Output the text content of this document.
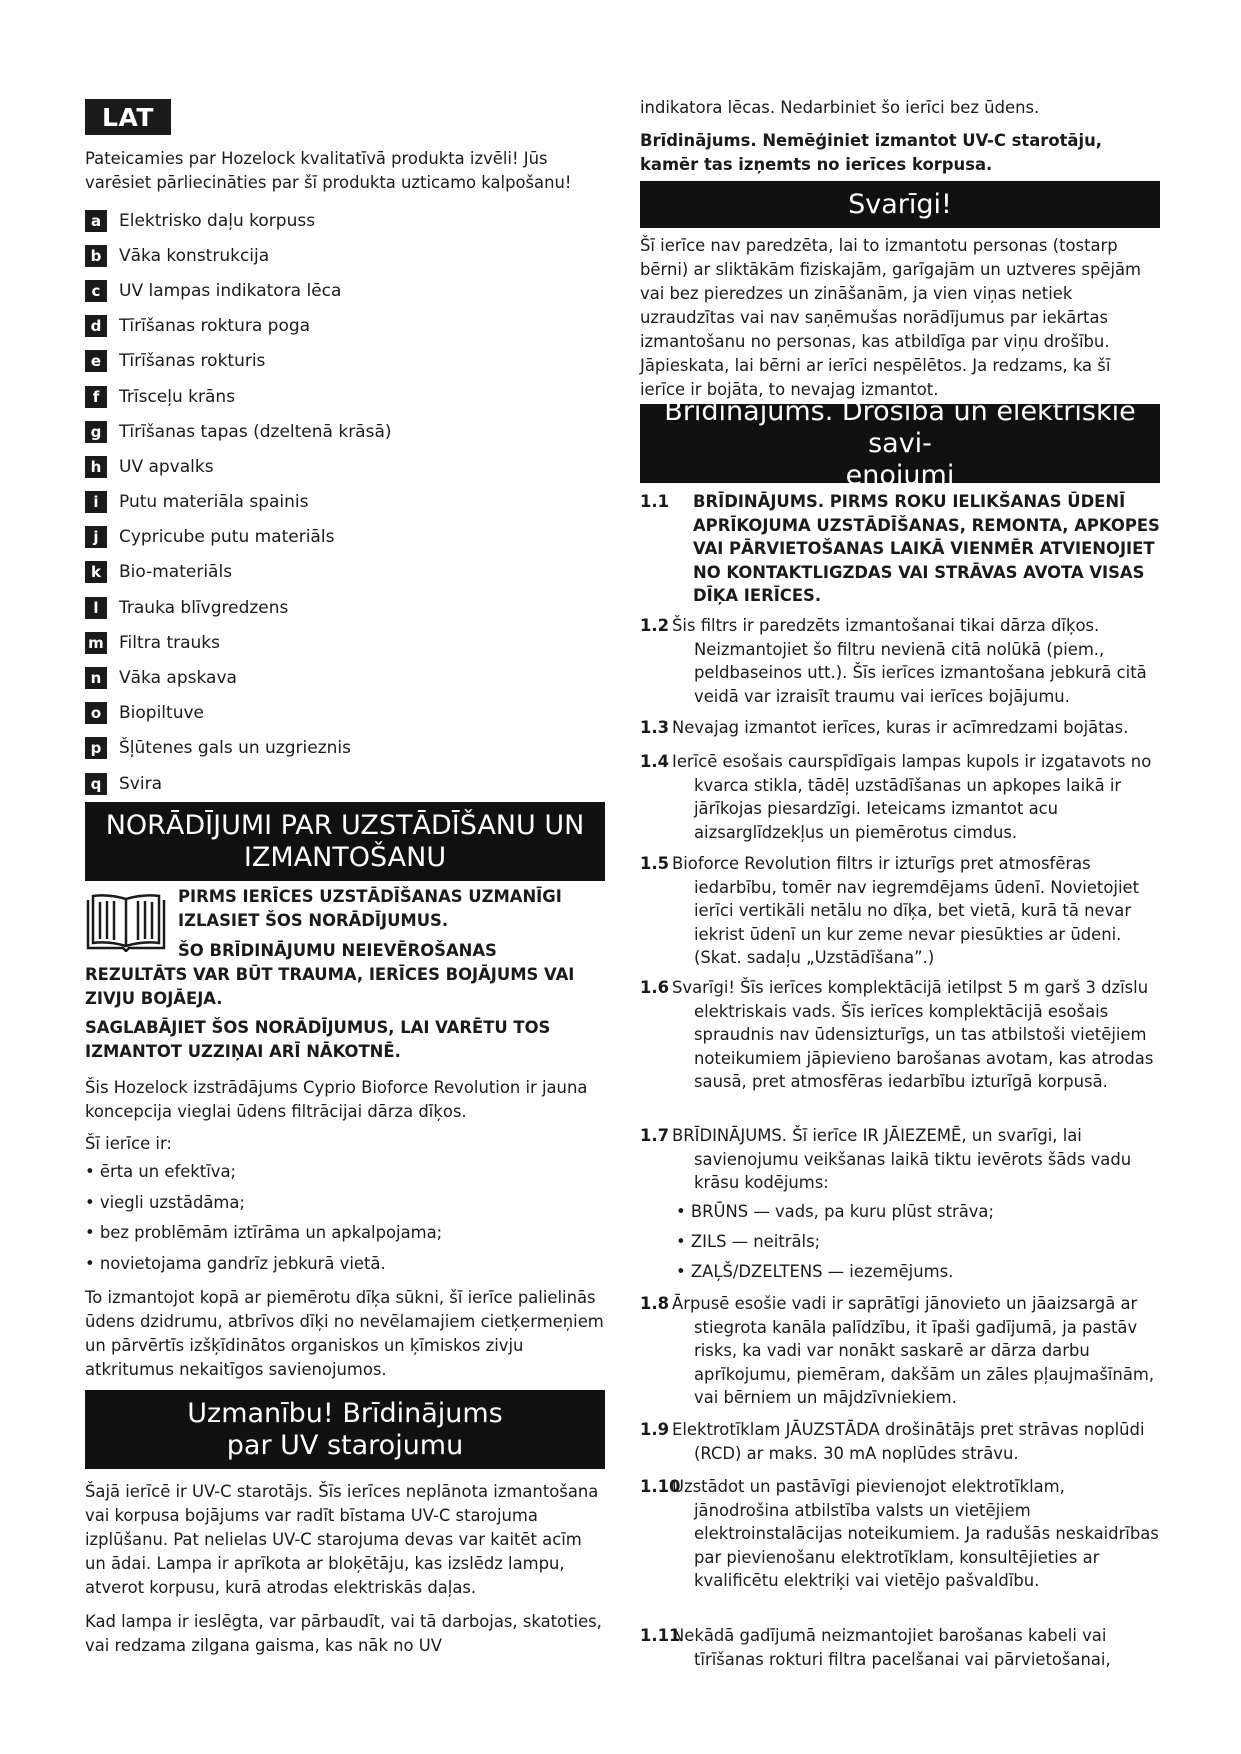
LAT

Pateicamies par Hozelock kvalitatīvā produkta izvēli! Jūs varēsiet pārliecināties par šī produkta uzticamo kalpošanu!

a	Elektrisko daļu korpuss
b	Vāka konstrukcija
c	UV lampas indikatora lēca
d	Tīrīšanas roktura poga
e	Tīrīšanas rokturis
f	Trīsceļu krāns
g	Tīrīšanas tapas (dzeltenā krāsā)
h	UV apvalks
i	Putu materiāla spainis
j	Cypricube putu materiāls
k	Bio-materiāls
l	Trauka blīvgredzens
m Filtra trauks
n	Vāka apskava
o	Biopiltuve
p	Šļūtenes gals un uzgrieznis
q	Svira
NORĀDĪJUMI PAR UZSTĀDĪŠANU UN
IZMANTOŠANU
PIRMS IERĪCES UZSTĀDĪŠANAS UZMANĪGI
IZLASIET ŠOS NORĀDĪJUMUS.
ŠO BRĪDINĀJUMU NEIEVĒROŠANAS
REZULTĀTS VAR BŪT TRAUMA, IERĪCES BOJĀJUMS VAI ZIVJU BOJĀEJA.

SAGLABĀJIET ŠOS NORĀDĪJUMUS, LAI VARĒTU TOS IZMANTOT UZZIŅAI ARĪ NĀKOTNĒ.

Šis Hozelock izstrādājums Cyprio Bioforce Revolution ir jauna koncepcija vieglai ūdens filtrācijai dārza dīķos.

Šī ierīce ir:

• ērta un efektīva;
• viegli uzstādāma;
• bez problēmām iztīrāma un apkalpojama;
• novietojama gandrīz jebkurā vietā.

To izmantojot kopā ar piemērotu dīķa sūkni, šī ierīce palielinās ūdens dzidrumu, atbrīvos dīķi no nevēlamajiem cietķermeņiem un pārvērtīs izšķīdinātos organiskos un ķīmiskos zivju atkritumus nekaitīgos savienojumos.

Uzmanību! Brīdinājums
par UV starojumu

Šajā ierīcē ir UV-C starotājs. Šīs ierīces neplānota izmantošana vai korpusa bojājums var radīt bīstama UV-C starojuma izplūšanu. Pat nelielas UV-C starojuma devas var kaitēt acīm un ādai. Lampa ir aprīkota ar bloķētāju, kas izslēdz lampu, atverot korpusu, kurā atrodas elektriskās daļas.

Kad lampa ir ieslēgta, var pārbaudīt, vai tā darbojas, skatoties, vai redzama zilgana gaisma, kas nāk no UV

indikatora lēcas. Nedarbiniet šo ierīci bez ūdens.

Brīdinājums. Nemēģiniet izmantot UV-C starotāju, kamēr tas izņemts no ierīces korpusa.

Svarīgi!

Šī ierīce nav paredzēta, lai to izmantotu personas (tostarp bērni) ar sliktākām fiziskajām, garīgajām un uztveres spējām vai bez pieredzes un zināšanām, ja vien viņas netiek uzraudzītas vai nav saņēmušas norādījumus par iekārtas izmantošanu no personas, kas atbildīga par viņu drošību. Jāpieskata, lai bērni ar ierīci nespēlētos. Ja redzams, ka šī ierīce ir bojāta, to nevajag izmantot.

Brīdinājums. Drošība un elektriskie savi-
enojumi
1.1	BRĪDINĀJUMS. PIRMS ROKU IELIKŠANAS ŪDENĪ APRĪKOJUMA UZSTĀDĪŠANAS, REMONTA, APKOPES VAI PĀRVIETOŠANAS LAIKĀ VIENMĒR ATVIENOJIET NO KONTAKTLIGZDAS VAI STRĀVAS AVOTA VISAS DĪĶA IERĪCES.
1.2 Šis filtrs ir paredzēts izmantošanai tikai dārza dīķos. Neizmantojiet šo filtru nevienā citā nolūkā (piem., peldbaseinos utt.). Šīs ierīces izmantošana jebkurā citā veidā var izraisīt traumu vai ierīces bojājumu.
1.3 Nevajag izmantot ierīces, kuras ir acīmredzami bojātas.
1.4 Ierīcē esošais caurspīdīgais lampas kupols ir izgatavots no kvarca stikla, tādēļ uzstādīšanas un apkopes laikā ir jārīkojas piesardzīgi. Ieteicams izmantot acu aizsarglīdzekļus un piemērotus cimdus.
1.5 Bioforce Revolution filtrs ir izturīgs pret atmosfēras iedarbību, tomēr nav iegremdējams ūdenī. Novietojiet ierīci vertikāli netālu no dīķa, bet vietā, kurā tā nevar iekrist ūdenī un kur zeme nevar piesūkties ar ūdeni. (Skat. sadaļu „Uzstādīšana”.)
1.6 Svarīgi! Šīs ierīces komplektācijā ietilpst 5 m garš 3 dzīslu elektriskais vads. Šīs ierīces komplektācijā esošais spraudnis nav ūdensizturīgs, un tas atbilstoši vietējiem noteikumiem jāpievieno barošanas avotam, kas atrodas sausā, pret atmosfēras iedarbību izturīgā korpusā.
1.7 BRĪDINĀJUMS. Šī ierīce IR JĀIEZEMĒ, un svarīgi, lai savienojumu veikšanas laikā tiktu ievērots šāds vadu krāsu kodējums:
• BRŪNS — vads, pa kuru plūst strāva;
• ZILS — neitrāls;
• ZAĻŠ/DZELTENS — iezemējums.
1.8 Ārpusē esošie vadi ir saprātīgi jānovieto un jāaizsargā ar stiegrota kanāla palīdzību, it īpaši gadījumā, ja pastāv risks, ka vadi var nonākt saskarē ar dārza darbu aprīkojumu, piemēram, dakšām un zāles pļaujmašīnām, vai bērniem un mājdzīvniekiem.
1.9 Elektrotīklam JĀUZSTĀDA drošinātājs pret strāvas noplūdi (RCD) ar maks. 30 mA noplūdes strāvu.
1.10
Uzstādot un pastāvīgi pievienojot elektrotīklam, jānodrošina atbilstība valsts un vietējiem elektroinstalācijas noteikumiem. Ja radušās neskaidrības par pievienošanu elektrotīklam, konsultējieties ar kvalificētu elektriķi vai vietējo pašvaldību.
1.11
Nekādā gadījumā neizmantojiet barošanas kabeli vai tīrīšanas rokturi filtra pacelšanai vai pārvietošanai,
